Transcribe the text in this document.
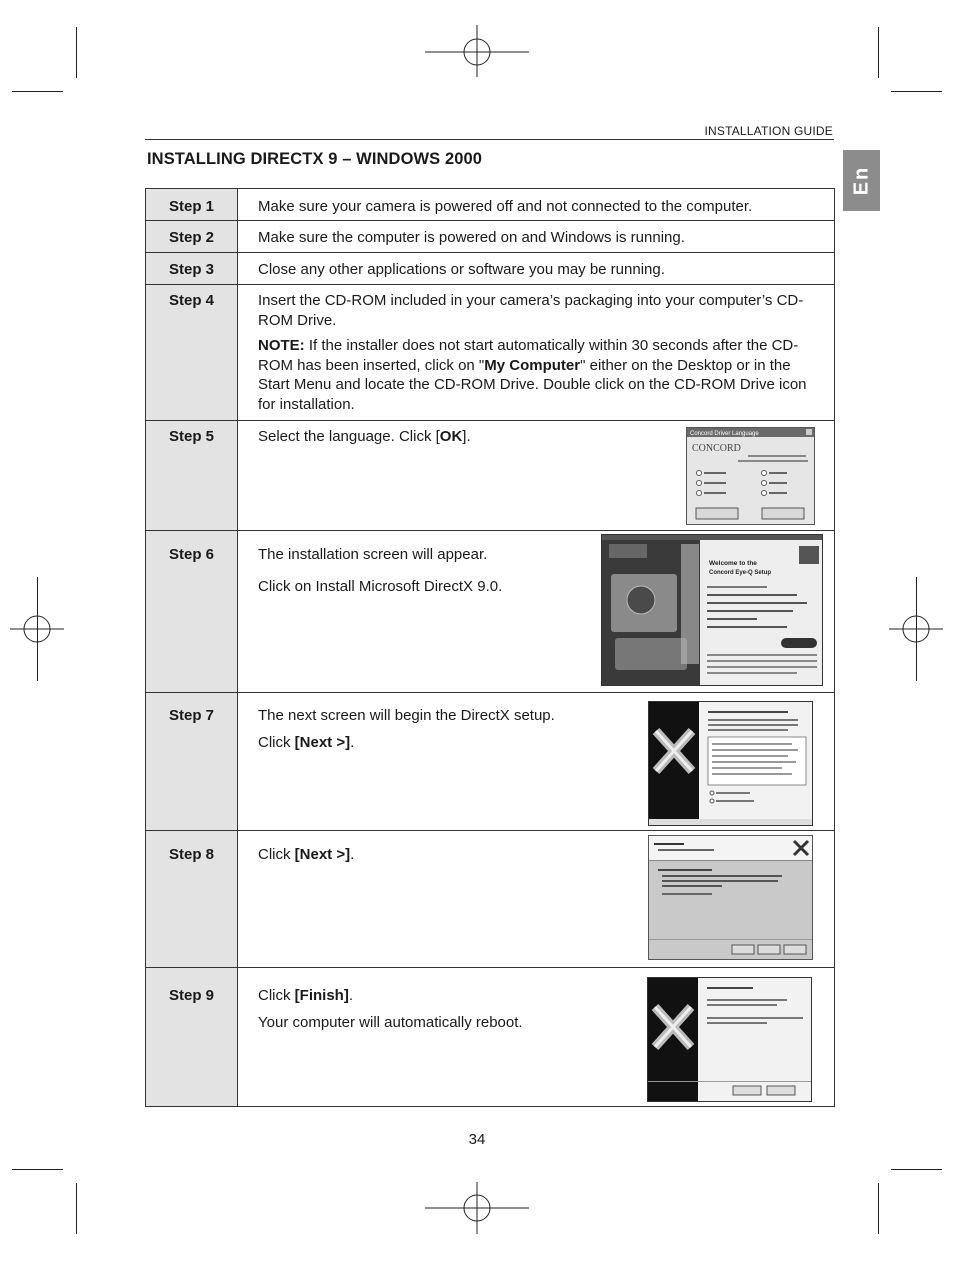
INSTALLATION GUIDE
INSTALLING DIRECTX 9 – WINDOWS 2000
En
Step 1	Make sure your camera is powered off and not connected to the computer.

Step 2	Make sure the computer is powered on and Windows is running.

Step 3	Close any other applications or software you may be running.

Step 4	Insert the CD-ROM included in your camera’s packaging into your computer’s CD-ROM Drive.

NOTE: If the installer does not start automatically within 30 seconds after the CD-ROM has been inserted, click on "My Computer" either on the Desktop or in the Start Menu and locate the CD-ROM Drive. Double click on the CD-ROM Drive icon for installation.

Step 5	Select the language. Click [OK]. Concord Driver Language
CONCORD

Step 6	The installation screen will appear.

Click on Install Microsoft DirectX 9.0.

Welcome to the
Concord Eye-Q Setup

Step 7	The next screen will begin the DirectX setup.

Click [Next >].

Step 8	Click [Next >].

Step 9	Click [Finish].

Your computer will automatically reboot.

34
